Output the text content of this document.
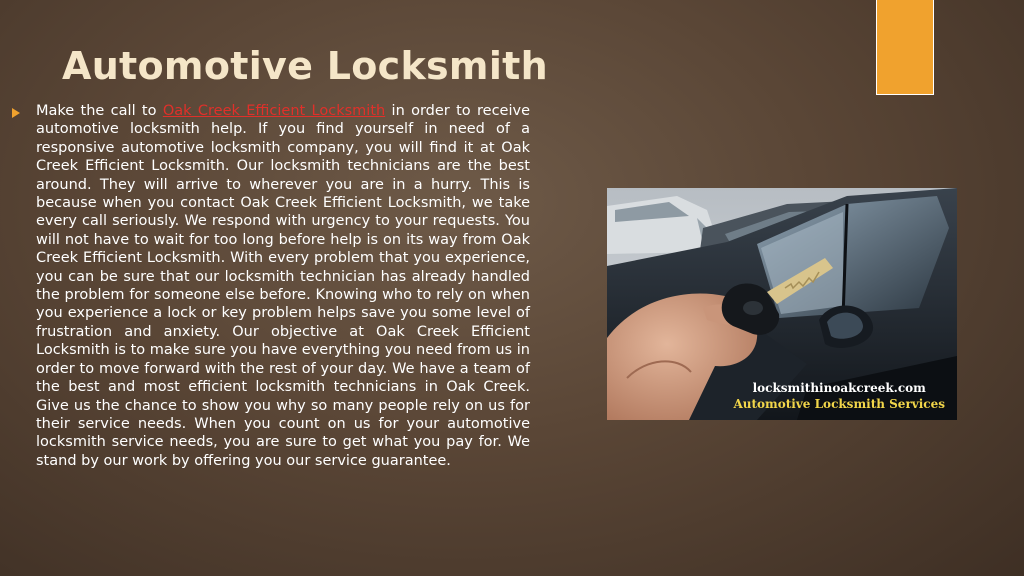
Automotive Locksmith

Make the call to Oak Creek Efficient Locksmith in order to receive automotive locksmith help. If you find yourself in need of a responsive automotive locksmith company, you will find it at Oak Creek Efficient Locksmith. Our locksmith technicians are the best around. They will arrive to wherever you are in a hurry. This is because when you contact Oak Creek Efficient Locksmith, we take every call seriously. We respond with urgency to your requests. You will not have to wait for too long before help is on its way from Oak Creek Efficient Locksmith. With every problem that you experience, you can be sure that our locksmith technician has already handled the problem for someone else before. Knowing who to rely on when you experience a lock or key problem helps save you some level of frustration and anxiety. Our objective at Oak Creek Efficient Locksmith is to make sure you have everything you need from us in order to move forward with the rest of your day. We have a team of the best and most efficient locksmith technicians in Oak Creek. Give us the chance to show you why so many people rely on us for their service needs. When you count on us for your automotive locksmith service needs, you are sure to get what you pay for. We stand by our work by offering you our service guarantee.

locksmithinoakcreek.com
Automotive Locksmith Services
